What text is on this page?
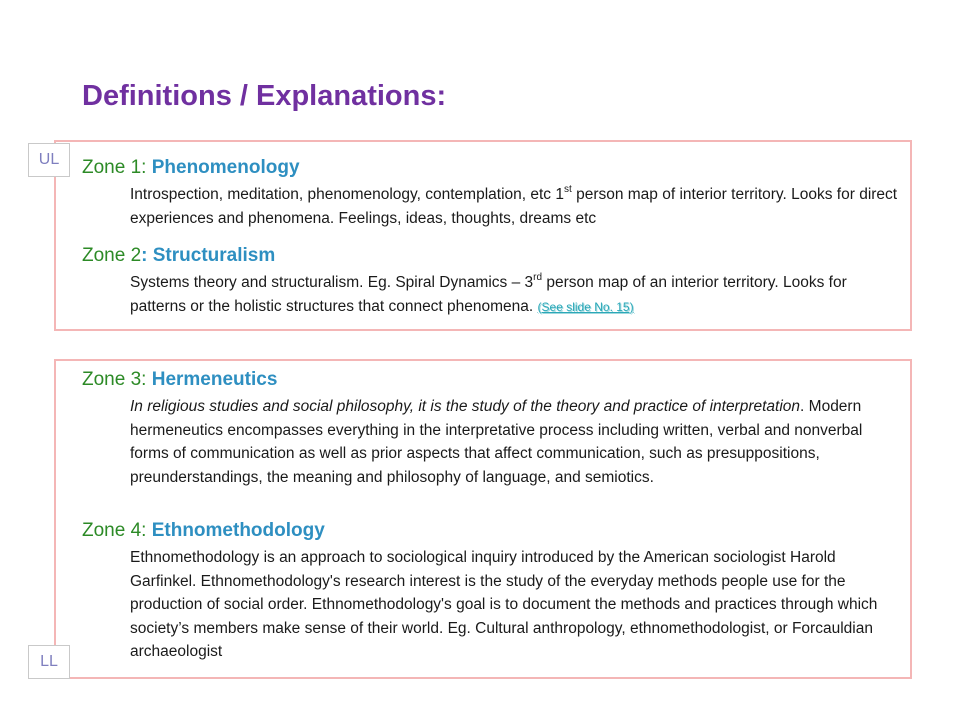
Definitions / Explanations:
UL
LL
Zone 1: Phenomenology

Introspection, meditation, phenomenology, contemplation, etc 1st person map of interior territory. Looks for direct experiences and phenomena. Feelings, ideas, thoughts, dreams etc

Zone 2: Structuralism

Systems theory and structuralism. Eg. Spiral Dynamics – 3rd person map of an interior territory. Looks for patterns or the holistic structures that connect phenomena. (See slide No. 15)

Zone 3: Hermeneutics

In religious studies and social philosophy, it is the study of the theory and practice of interpretation. Modern hermeneutics encompasses everything in the interpretative process including written, verbal and nonverbal forms of communication as well as prior aspects that affect communication, such as presuppositions, preunderstandings, the meaning and philosophy of language, and semiotics.

Zone 4: Ethnomethodology

Ethnomethodology is an approach to sociological inquiry introduced by the American sociologist Harold Garfinkel. Ethnomethodology's research interest is the study of the everyday methods people use for the production of social order. Ethnomethodology's goal is to document the methods and practices through which society’s members make sense of their world. Eg. Cultural anthropology, ethnomethodologist, or Forcauldian archaeologist
